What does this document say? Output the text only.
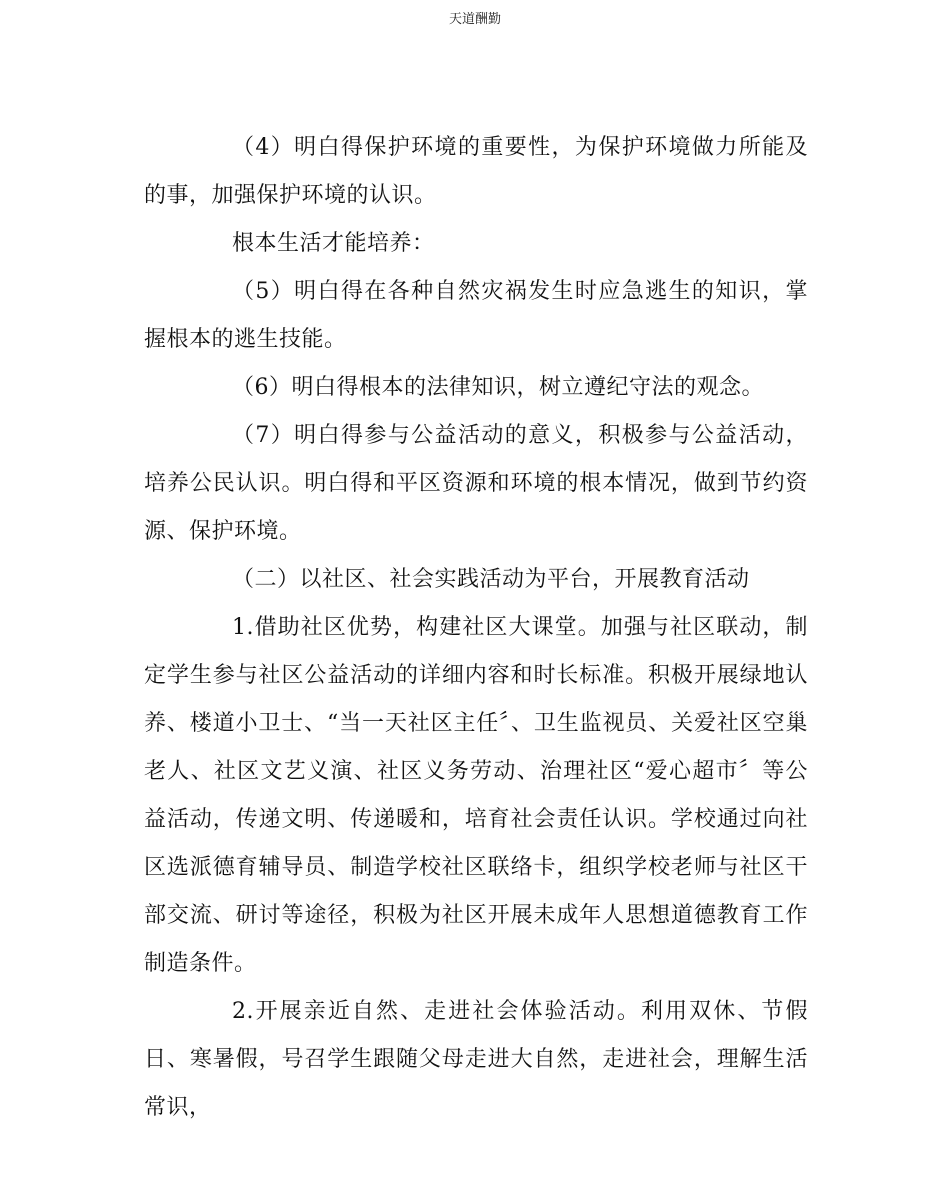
天道酬勤

（4）明白得保护环境的重要性，为保护环境做力所能及的事，加强保护环境的认识。

根本生活才能培养：

（5）明白得在各种自然灾祸发生时应急逃生的知识，掌握根本的逃生技能。

（6）明白得根本的法律知识，树立遵纪守法的观念。

（7）明白得参与公益活动的意义，积极参与公益活动，培养公民认识。明白得和平区资源和环境的根本情况，做到节约资源、保护环境。

（二）以社区、社会实践活动为平台，开展教育活动

1.借助社区优势，构建社区大课堂。加强与社区联动，制定学生参与社区公益活动的详细内容和时长标准。积极开展绿地认养、楼道小卫士、“当一天社区主任〞、卫生监视员、关爱社区空巢老人、社区文艺义演、社区义务劳动、治理社区“爱心超市〞等公益活动，传递文明、传递暖和，培育社会责任认识。学校通过向社区选派德育辅导员、制造学校社区联络卡，组织学校老师与社区干部交流、研讨等途径，积极为社区开展未成年人思想道德教育工作制造条件。

2.开展亲近自然、走进社会体验活动。利用双休、节假日、寒暑假，号召学生跟随父母走进大自然，走进社会，理解生活常识，
